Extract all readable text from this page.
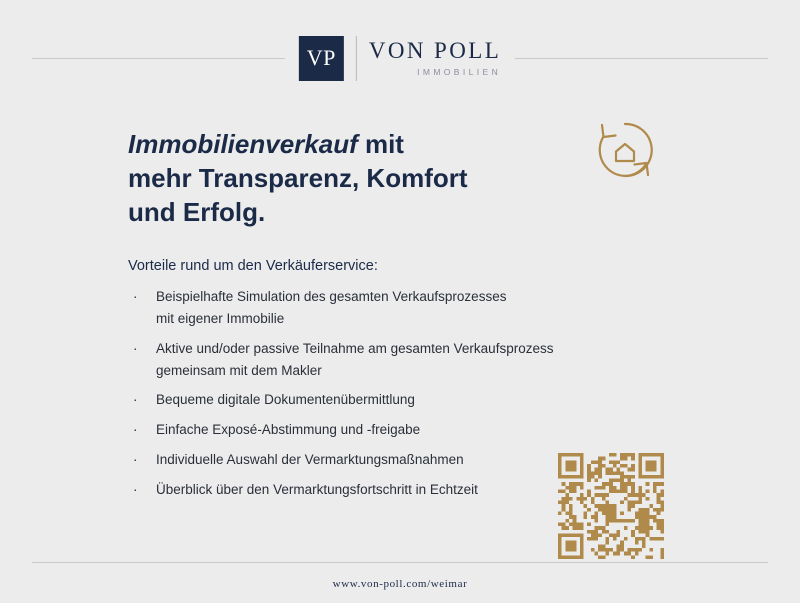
VP	VON POLL
IMMOBILIEN
Immobilienverkauf mit
mehr Transparenz, Komfort
und Erfolg.
Vorteile rund um den Verkäuferservice:
· Beispielhafte Simulation des gesamten Verkaufsprozesses
mit eigener Immobilie
· Aktive und/oder passive Teilnahme am gesamten Verkaufsprozess
gemeinsam mit dem Makler
· Bequeme digitale Dokumentenübermittlung
· Einfache Exposé-Abstimmung und -freigabe
· Individuelle Auswahl der Vermarktungsmaßnahmen
· Überblick über den Vermarktungsfortschritt in Echtzeit
www.von-poll.com/weimar
